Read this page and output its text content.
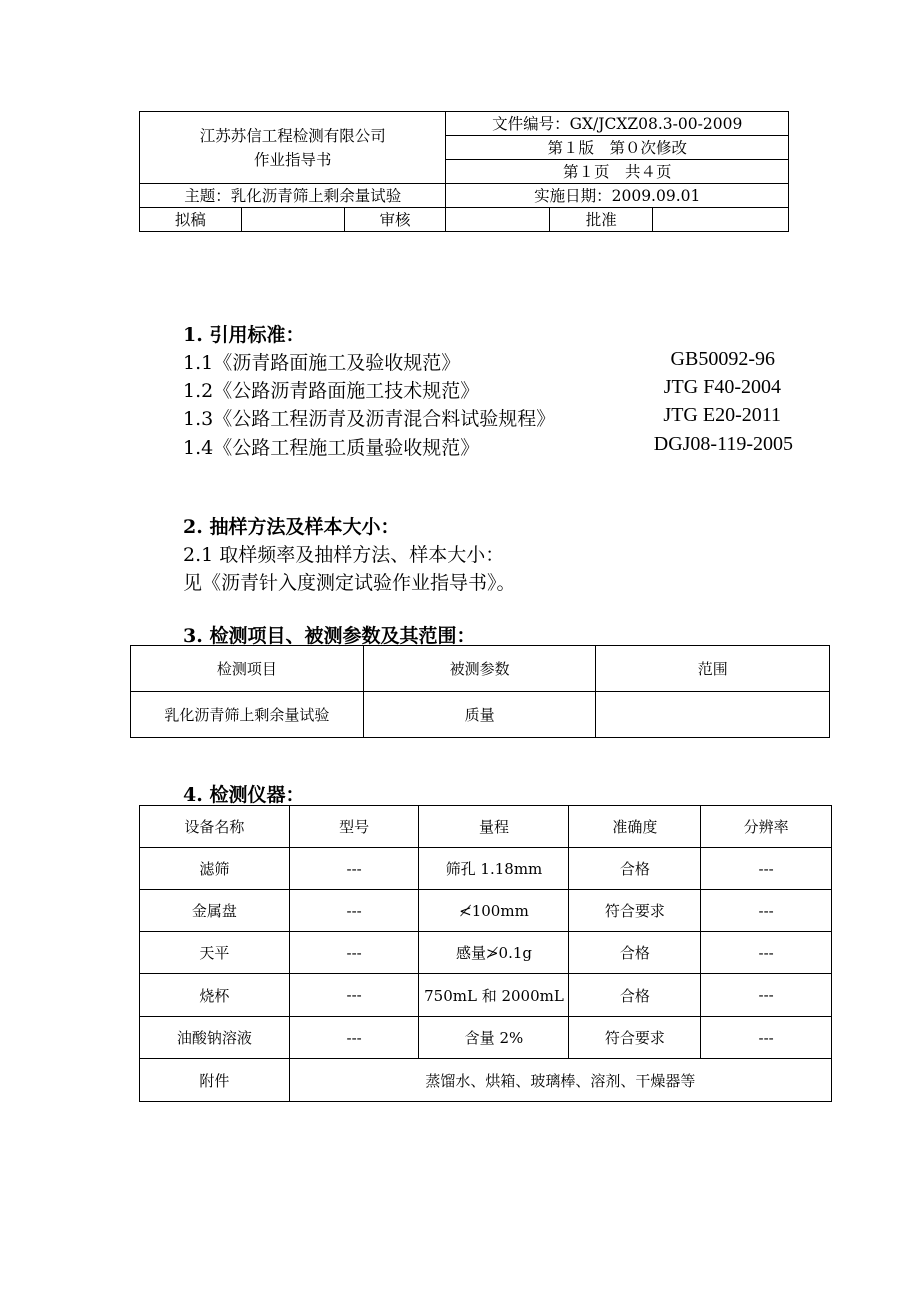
江苏苏信工程检测有限公司
作业指导书			文件编号：GX/JCXZ08.3-00-2009		
			第１版　第０次修改		
			第１页　共４页		
主题：乳化沥青筛上剩余量试验			实施日期：2009.09.01		
拟稿		审核		批准	
1. 引用标准：
1.1《沥青路面施工及验收规范》	GB50092-96
1.2《公路沥青路面施工技术规范》	JTG F40-2004
1.3《公路工程沥青及沥青混合料试验规程》	JTG E20-2011
1.4《公路工程施工质量验收规范》	DGJ08-119-2005
2. 抽样方法及样本大小：
2.1 取样频率及抽样方法、样本大小：
见《沥青针入度测定试验作业指导书》。
3. 检测项目、被测参数及其范围：
检测项目	被测参数	范围
乳化沥青筛上剩余量试验	质量	
4. 检测仪器：
设备名称	型号	量程	准确度	分辨率
滤筛	---	筛孔 1.18mm	合格	---
金属盘	---	≮100mm	符合要求	---
天平	---	感量≯0.1g	合格	---
烧杯	---	750mL 和 2000mL	合格	---
油酸钠溶液	---	含量 2%	符合要求	---
附件	蒸馏水、烘箱、玻璃棒、溶剂、干燥器等			
